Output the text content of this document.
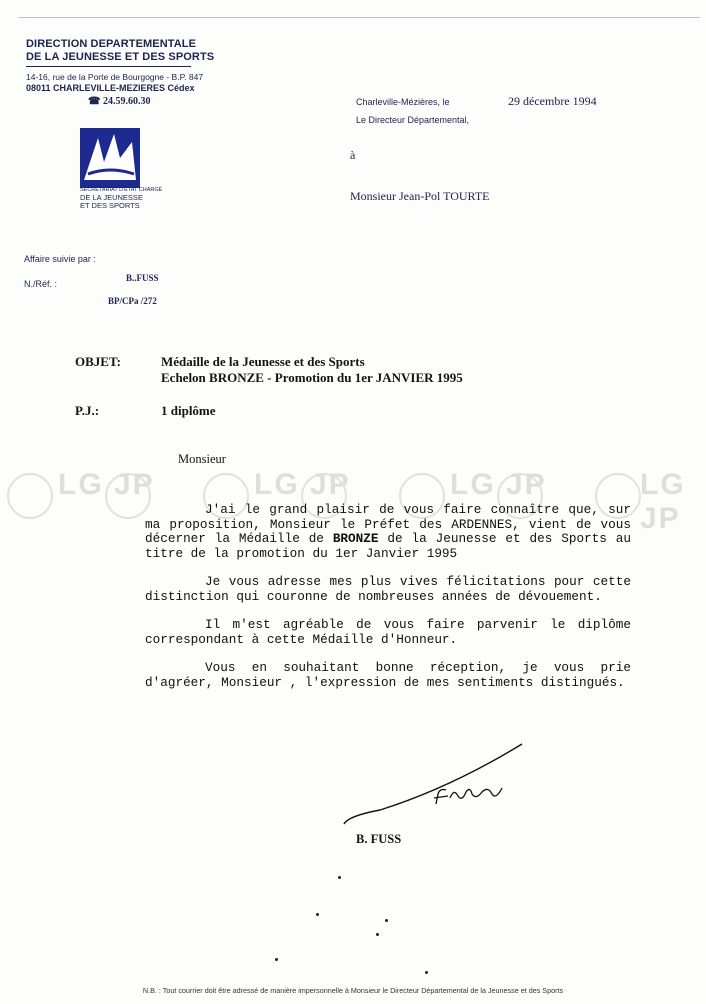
DIRECTION DEPARTEMENTALE
DE LA JEUNESSE ET DES SPORTS
14-16, rue de la Porte de Bourgogne - B.P. 847
08011 CHARLEVILLE-MEZIERES Cédex
☎ 24.59.60.30
SECRÉTARIAT D'ÉTAT CHARGÉ
DE LA JEUNESSE
ET DES SPORTS
Charleville-Mézières, le	29 décembre 1994
Le Directeur Départemental,
à
Monsieur Jean-Pol TOURTE
Affaire suivie par :
N./Réf. :
B..FUSS
BP/CPa /272
OBJET:	Médaille de la Jeunesse et des Sports
Echelon BRONZE - Promotion du 1er JANVIER 1995
P.J.:	1 diplôme
Monsieur
LG JP	LG JP	LG JP	LG JP

J'ai le grand plaisir de vous faire connaître que, sur ma proposition, Monsieur le Préfet des ARDENNES, vient de vous décerner la Médaille de BRONZE de la Jeunesse et des Sports au titre de la promotion du 1er Janvier 1995

Je vous adresse mes plus vives félicitations pour cette distinction qui couronne de nombreuses années de dévouement.

Il m'est agréable de vous faire parvenir le diplôme correspondant à cette Médaille d'Honneur.

Vous en souhaitant bonne réception, je vous prie d'agréer, Monsieur , l'expression de mes sentiments distingués.

B. FUSS
N.B. : Tout courrier doit être adressé de manière impersonnelle à Monsieur le Directeur Départemental de la Jeunesse et des Sports
